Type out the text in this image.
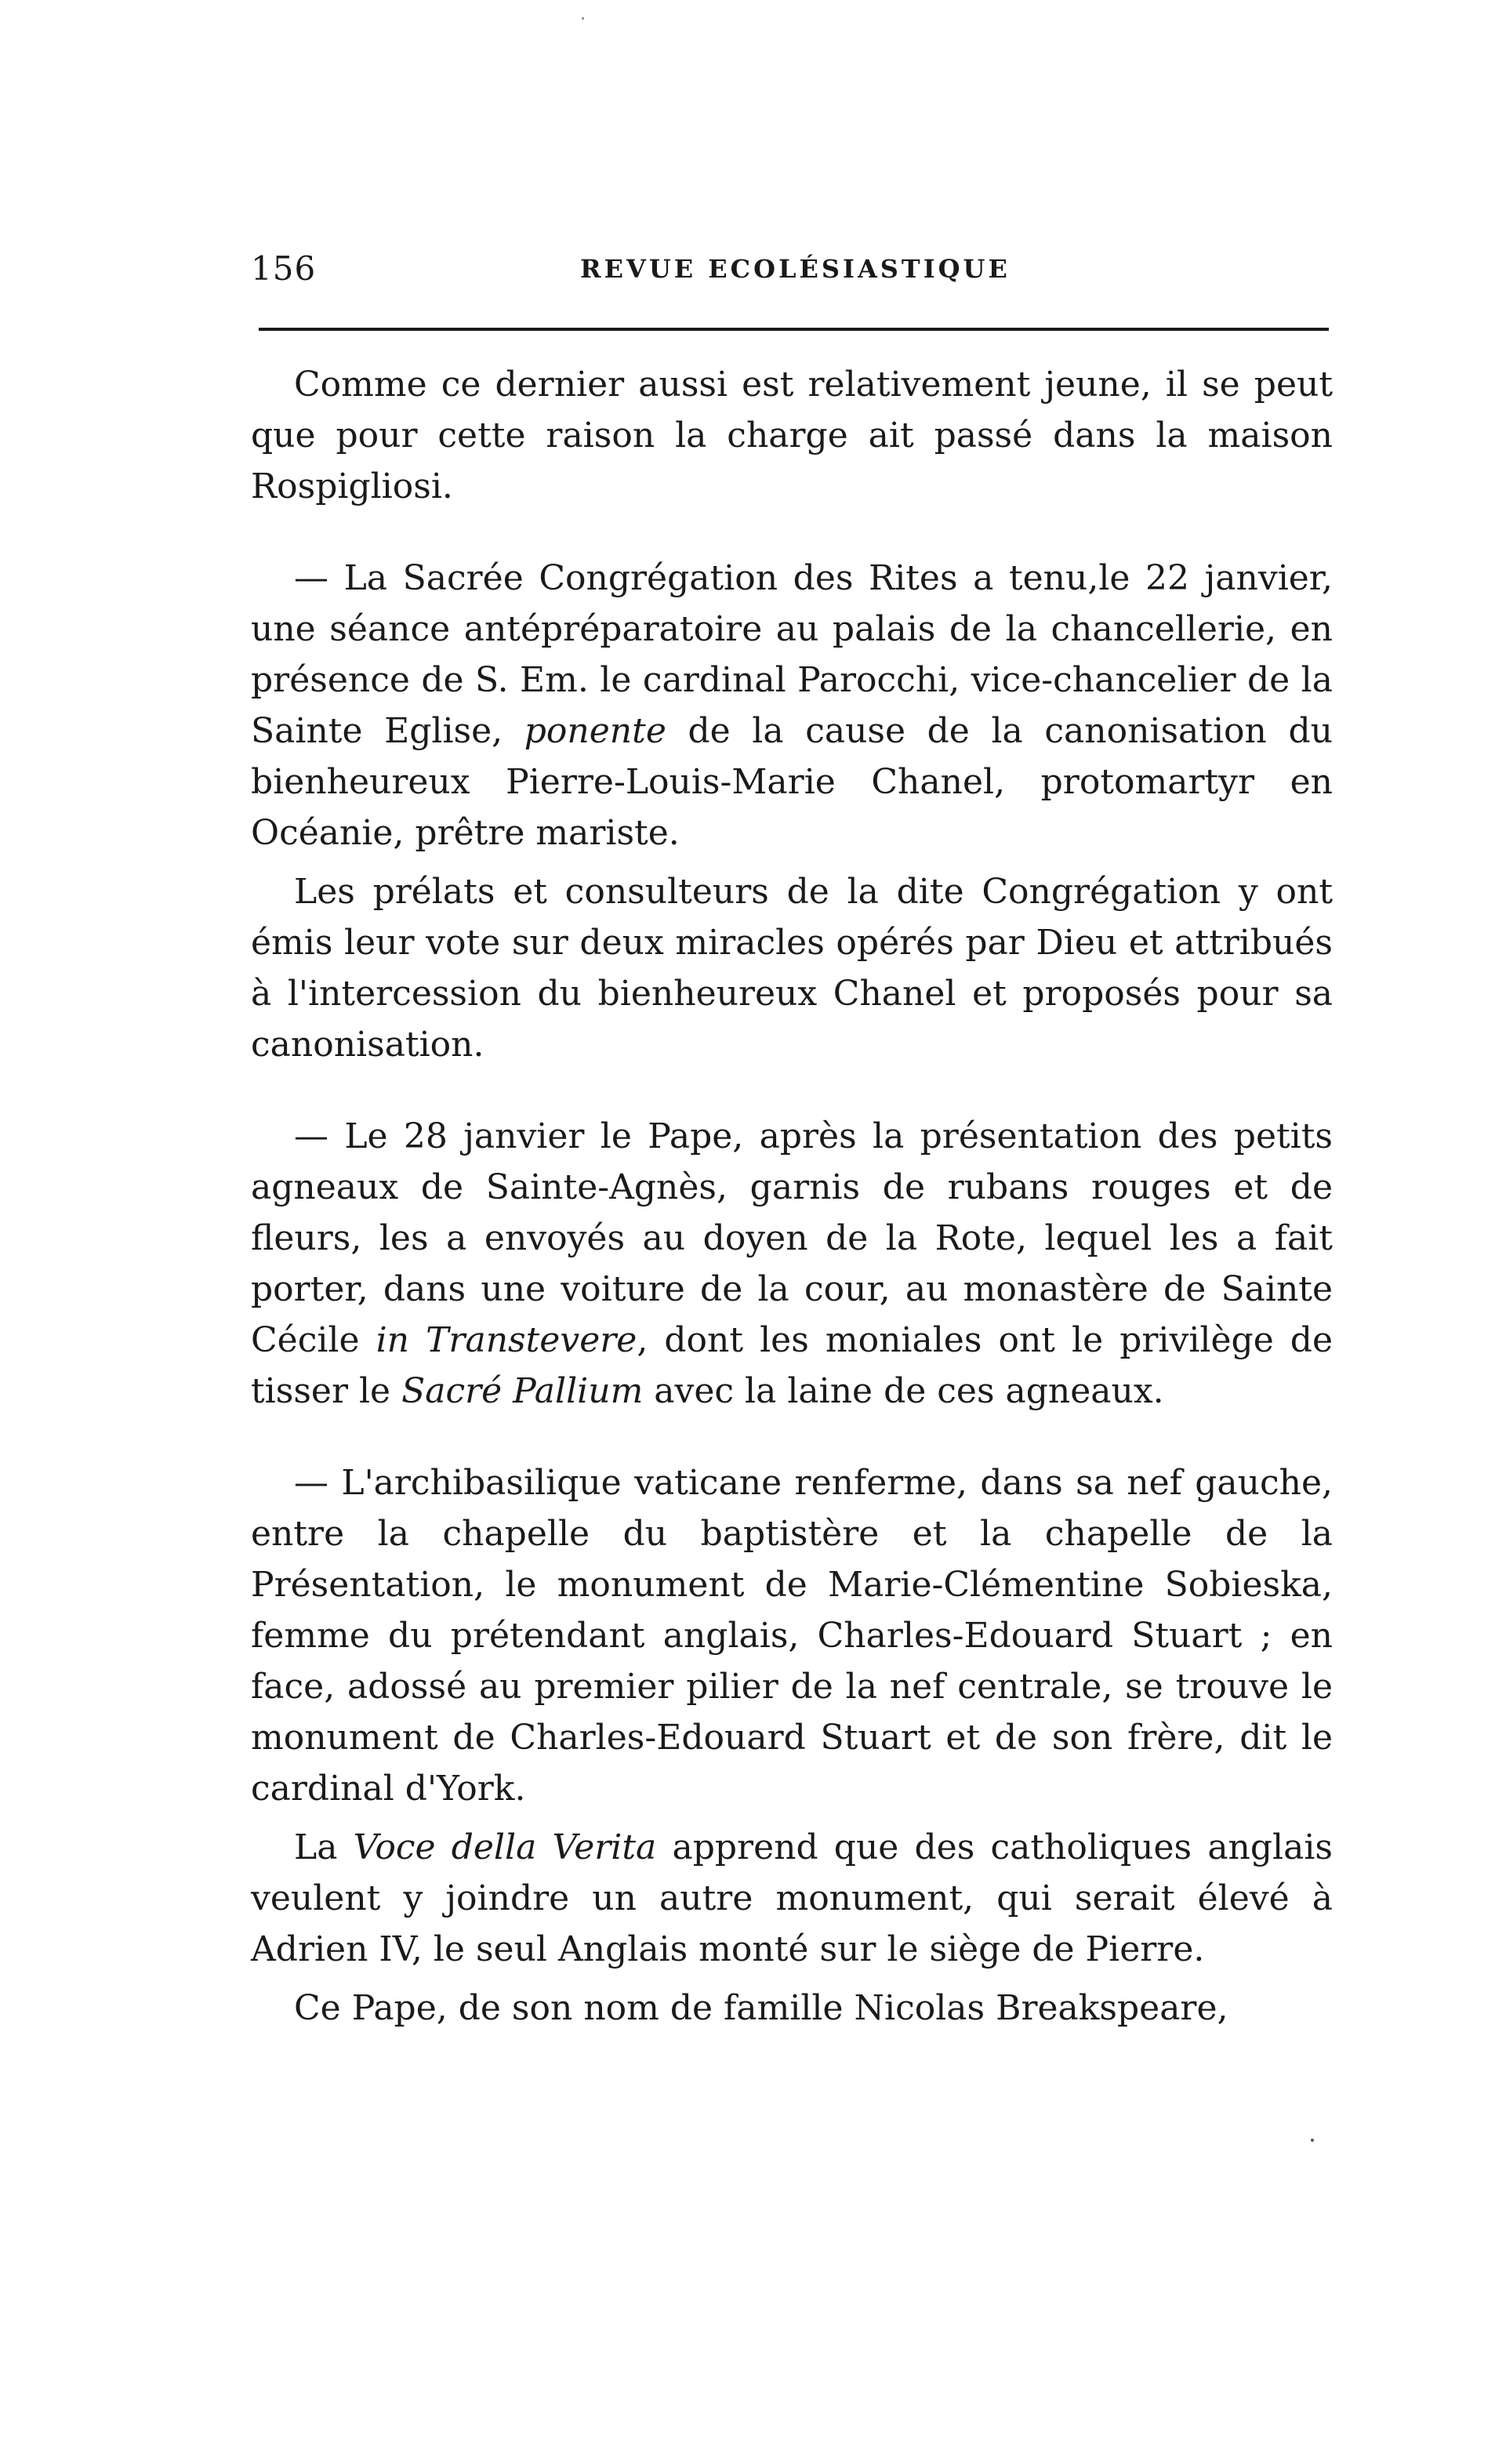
156	REVUE ECOLÉSIASTIQUE

Comme ce dernier aussi est relativement jeune, il se peut que pour cette raison la charge ait passé dans la maison Rospigliosi.

— La Sacrée Congrégation des Rites a tenu,le 22 janvier, une séance antépréparatoire au palais de la chancellerie, en présence de S. Em. le cardinal Parocchi, vice-chancelier de la Sainte Eglise, ponente de la cause de la canonisation du bienheureux Pierre-Louis-Marie Chanel, protomartyr en Océanie, prêtre mariste.

Les prélats et consulteurs de la dite Congrégation y ont émis leur vote sur deux miracles opérés par Dieu et attribués à l'intercession du bienheureux Chanel et proposés pour sa canonisation.

— Le 28 janvier le Pape, après la présentation des petits agneaux de Sainte-Agnès, garnis de rubans rouges et de fleurs, les a envoyés au doyen de la Rote, lequel les a fait porter, dans une voiture de la cour, au monastère de Sainte Cécile in Transtevere, dont les moniales ont le privilège de tisser le Sacré Pallium avec la laine de ces agneaux.

— L'archibasilique vaticane renferme, dans sa nef gauche, entre la chapelle du baptistère et la chapelle de la Présentation, le monument de Marie-Clémentine Sobieska, femme du prétendant anglais, Charles-Edouard Stuart ; en face, adossé au premier pilier de la nef centrale, se trouve le monument de Charles-Edouard Stuart et de son frère, dit le cardinal d'York.

La Voce della Verita apprend que des catholiques anglais veulent y joindre un autre monument, qui serait élevé à Adrien IV, le seul Anglais monté sur le siège de Pierre.

Ce Pape, de son nom de famille Nicolas Breakspeare,
